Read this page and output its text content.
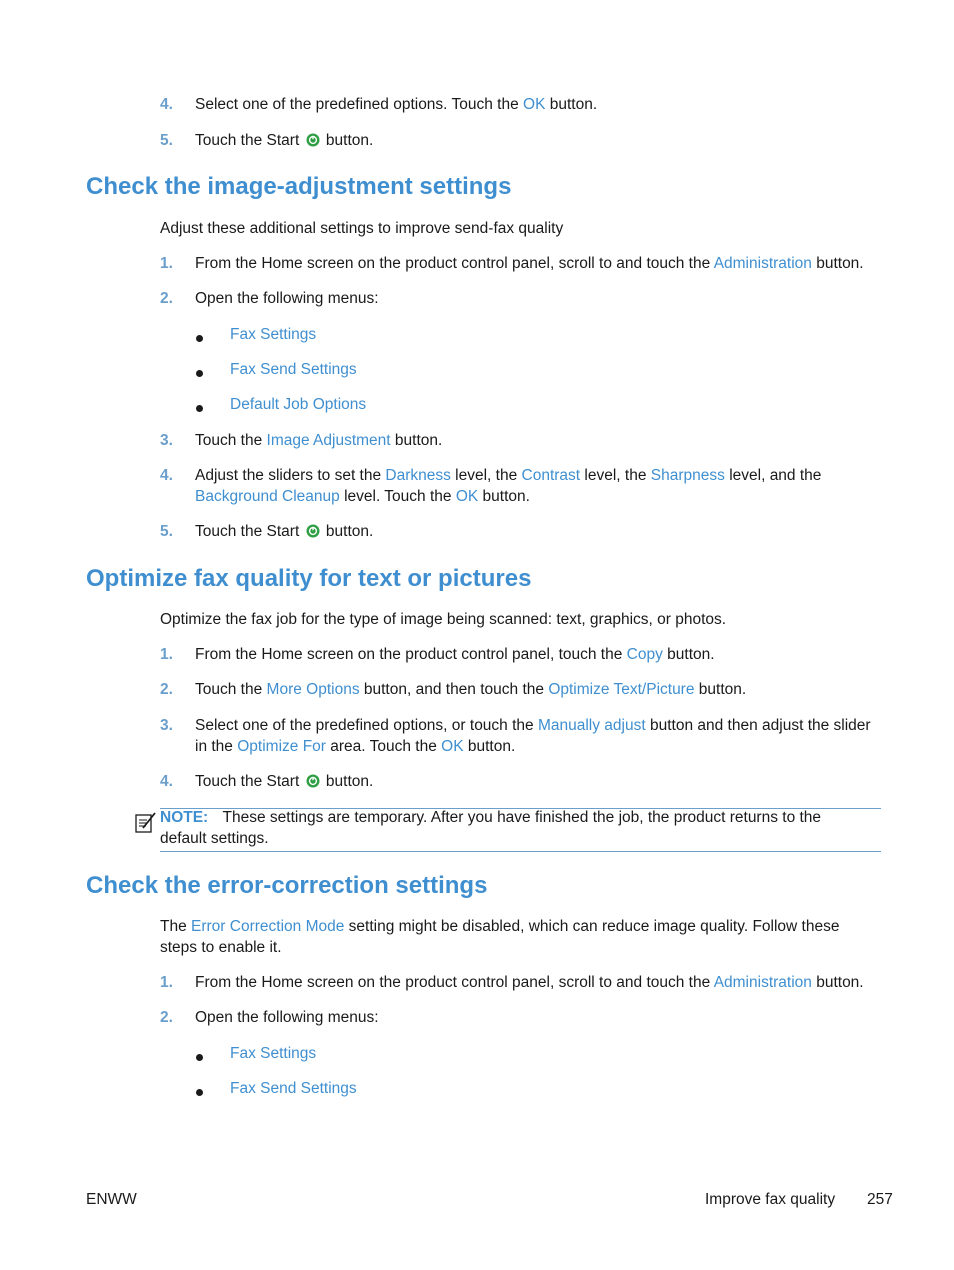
4. Select one of the predefined options. Touch the OK button.
5. Touch the Start button.
Check the image-adjustment settings
Adjust these additional settings to improve send-fax quality
1. From the Home screen on the product control panel, scroll to and touch the Administration button.
2. Open the following menus:
Fax Settings
Fax Send Settings
Default Job Options
3. Touch the Image Adjustment button.
4. Adjust the sliders to set the Darkness level, the Contrast level, the Sharpness level, and the
Background Cleanup level. Touch the OK button.
5. Touch the Start button.
Optimize fax quality for text or pictures
Optimize the fax job for the type of image being scanned: text, graphics, or photos.
1. From the Home screen on the product control panel, touch the Copy button.
2. Touch the More Options button, and then touch the Optimize Text/Picture button.
3. Select one of the predefined options, or touch the Manually adjust button and then adjust the slider
in the Optimize For area. Touch the OK button.
4. Touch the Start button.
NOTE: These settings are temporary. After you have finished the job, the product returns to the
default settings.
Check the error-correction settings
The Error Correction Mode setting might be disabled, which can reduce image quality. Follow these
steps to enable it.
1. From the Home screen on the product control panel, scroll to and touch the Administration button.
2. Open the following menus:
Fax Settings
Fax Send Settings
ENWW	Improve fax quality 257
